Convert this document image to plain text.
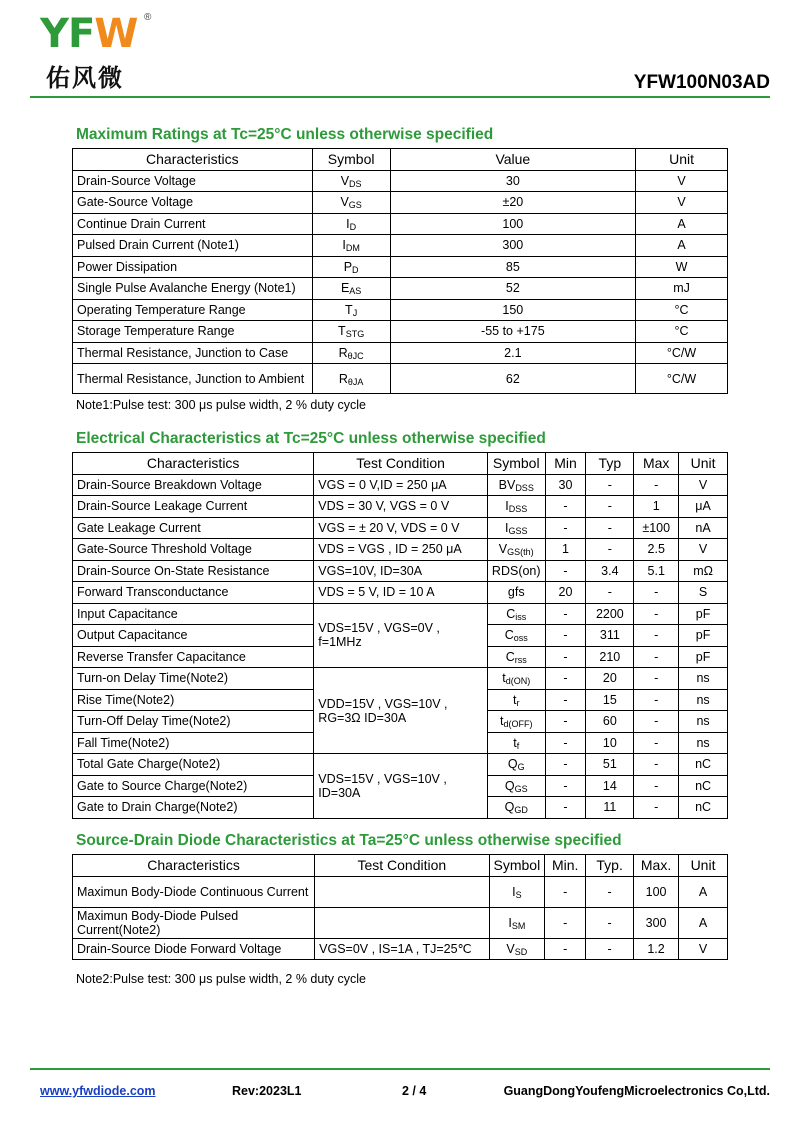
YFW ®
佑风微	YFW100N03AD
Maximum Ratings at Tc=25°C unless otherwise specified
Characteristics	Symbol	Value	Unit
Drain-Source Voltage	$V_{DS}$	30	V
Gate-Source Voltage	$V_{GS}$	±20	V
Continue Drain Current	$I_D$	100	A
Pulsed Drain Current (Note1)	$I_{DM}$	300	A
Power Dissipation	$P_D$	85	W
Single Pulse Avalanche Energy (Note1)	$E_{AS}$	52	mJ
Operating Temperature Range	$T_J$	150	°C
Storage Temperature Range	$T_{STG}$	-55 to +175	°C
Thermal Resistance, Junction to Case	$R_{\theta JC}$	2.1	°C/W
Thermal Resistance, Junction to Ambient	$R_{\theta JA}$	62	°C/W
Note1:Pulse test: 300 μs pulse width, 2 % duty cycle
Electrical Characteristics at Tc=25°C unless otherwise specified
Characteristics	Test Condition	Symbol	Min	Typ	Max	Unit
Drain-Source Breakdown Voltage	VGS = 0 V,ID = 250 μA	$BV_{DSS}$	30	-	-	V
Drain-Source Leakage Current	VDS = 30 V, VGS = 0 V	$I_{DSS}$	-	-	1	μA
Gate Leakage Current	VGS = ± 20 V, VDS = 0 V	$I_{GSS}$	-	-	±100	nA
Gate-Source Threshold Voltage	VDS = VGS , ID = 250 μA	$V_{GS(th)}$	1	-	2.5	V
Drain-Source On-State Resistance	VGS=10V, ID=30A	RDS(on)	-	3.4	5.1	mΩ
Forward Transconductance	VDS = 5 V, ID = 10 A	gfs	20	-	-	S
Input Capacitance	VDS=15V , VGS=0V , f=1MHz	$C_{iss}$	-	2200	-	pF
Output Capacitance		$C_{oss}$	-	311	-	pF
Reverse Transfer Capacitance		$C_{rss}$	-	210	-	pF
Turn-on Delay Time(Note2)	VDD=15V , VGS=10V , RG=3Ω ID=30A	$t_{d(ON)}$	-	20	-	ns
Rise Time(Note2)		$t_r$	-	15	-	ns
Turn-Off Delay Time(Note2)		$t_{d(OFF)}$	-	60	-	ns
Fall Time(Note2)		$t_f$	-	10	-	ns
Total Gate Charge(Note2)	VDS=15V , VGS=10V , ID=30A	$Q_G$	-	51	-	nC
Gate to Source Charge(Note2)		$Q_{GS}$	-	14	-	nC
Gate to Drain Charge(Note2)		$Q_{GD}$	-	11	-	nC
Source-Drain Diode Characteristics at Ta=25°C unless otherwise specified
Characteristics	Test Condition	Symbol	Min.	Typ.	Max.	Unit
Maximun Body-Diode Continuous Current		$I_S$	-	-	100	A
Maximun Body-Diode Pulsed Current(Note2)		$I_{SM}$	-	-	300	A
Drain-Source Diode Forward Voltage	VGS=0V , IS=1A , TJ=25℃	$V_{SD}$	-	-	1.2	V
Note2:Pulse test: 300 μs pulse width, 2 % duty cycle
www.yfwdiode.com	Rev:2023L1	2 / 4	GuangDongYoufengMicroelectronics Co,Ltd.
